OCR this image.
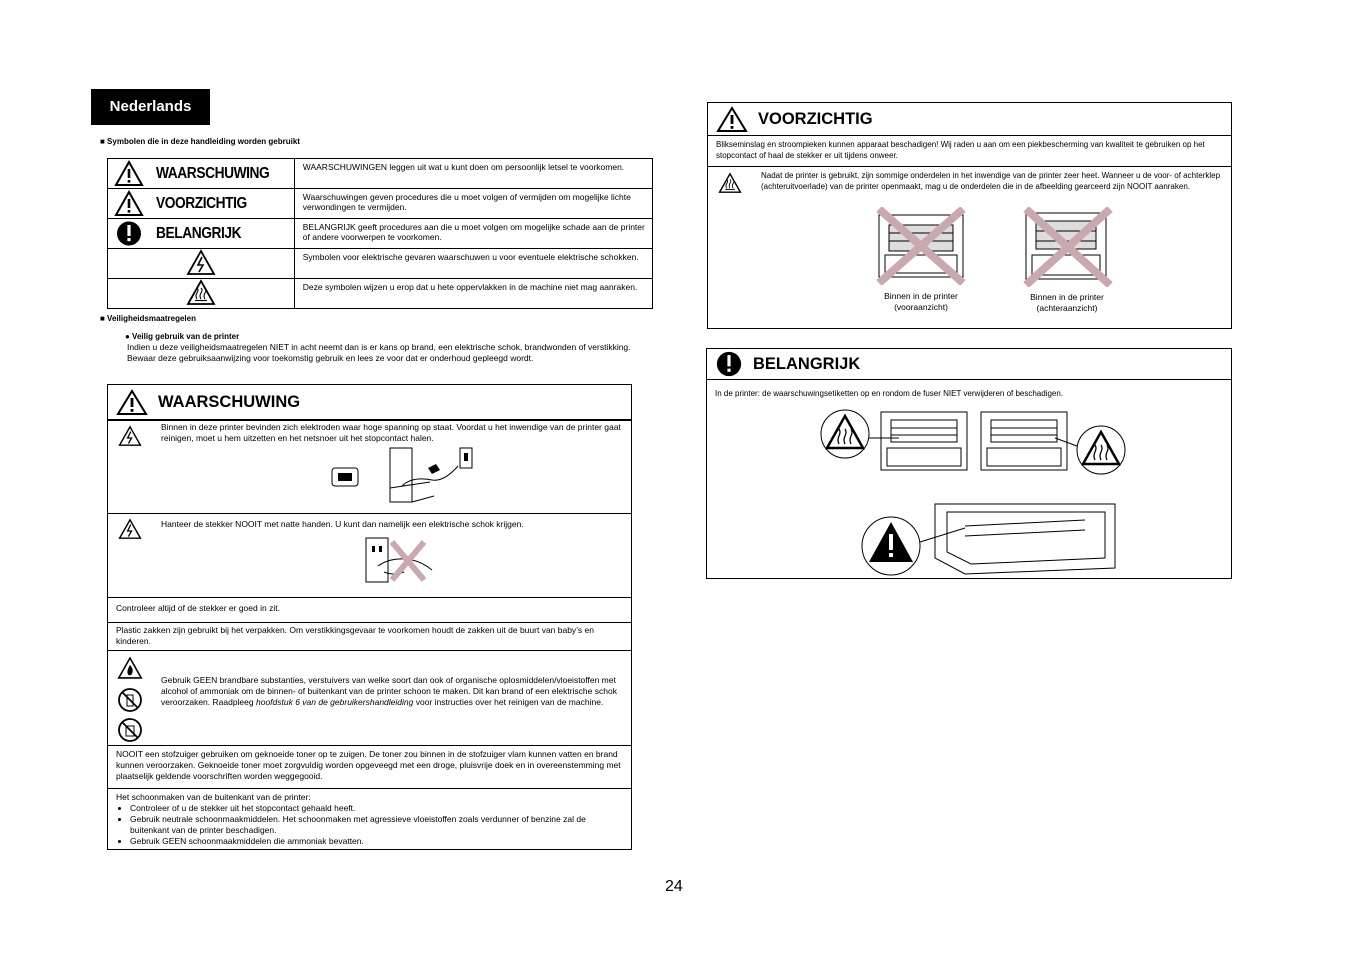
Nederlands
■ Symbolen die in deze handleiding worden gebruikt
WAARSCHUWING	WAARSCHUWINGEN leggen uit wat u kunt doen om persoonlijk letsel te voorkomen.

VOORZICHTIG	Waarschuwingen geven procedures die u moet volgen of vermijden om mogelijke lichte verwondingen te vermijden.

BELANGRIJK	BELANGRIJK geeft procedures aan die u moet volgen om mogelijke schade aan de printer of andere voorwerpen te voorkomen.
	Symbolen voor elektrische gevaren waarschuwen u voor eventuele elektrische schokken.
	Deze symbolen wijzen u erop dat u hete oppervlakken in de machine niet mag aanraken.
■ Veiligheidsmaatregelen
● Veilig gebruik van de printer
Indien u deze veiligheidsmaatregelen NIET in acht neemt dan is er kans op brand, een elektrische schok, brandwonden of verstikking. Bewaar deze gebruiksaanwijzing voor toekomstig gebruik en lees ze voor dat er onderhoud gepleegd wordt.
WAARSCHUWING
Binnen in deze printer bevinden zich elektroden waar hoge spanning op staat. Voordat u het inwendige van de printer gaat reinigen, moet u hem uitzetten en het netsnoer uit het stopcontact halen.
Hanteer de stekker NOOIT met natte handen. U kunt dan namelijk een elektrische schok krijgen.
Controleer altijd of de stekker er goed in zit.
Plastic zakken zijn gebruikt bij het verpakken. Om verstikkingsgevaar te voorkomen houdt de zakken uit de buurt van baby’s en kinderen.
Gebruik GEEN brandbare substanties, verstuivers van welke soort dan ook of organische oplosmiddelen/vloeistoffen met alcohol of ammoniak om de binnen- of buitenkant van de printer schoon te maken. Dit kan brand of een elektrische schok veroorzaken. Raadpleeg hoofdstuk 6 van de gebruikershandleiding voor instructies over het reinigen van de machine.
NOOIT een stofzuiger gebruiken om geknoeide toner op te zuigen. De toner zou binnen in de stofzuiger vlam kunnen vatten en brand kunnen veroorzaken. Geknoeide toner moet zorgvuldig worden opgeveegd met een droge, pluisvrije doek en in overeenstemming met plaatselijk geldende voorschriften worden weggegooid.
Het schoonmaken van de buitenkant van de printer:
• Controleer of u de stekker uit het stopcontact gehaald heeft.
• Gebruik neutrale schoonmaakmiddelen. Het schoonmaken met agressieve vloeistoffen zoals verdunner of benzine zal de buitenkant van de printer beschadigen.
• Gebruik GEEN schoonmaakmiddelen die ammoniak bevatten.
VOORZICHTIG
Blikseminslag en stroompieken kunnen apparaat beschadigen! Wij raden u aan om een piekbescherming van kwaliteit te gebruiken op het stopcontact of haal de stekker er uit tijdens onweer.
Nadat de printer is gebruikt, zijn sommige onderdelen in het inwendige van de printer zeer heet. Wanneer u de voor- of achterklep (achteruitvoerlade) van de printer openmaakt, mag u de onderdelen die in de afbeelding gearceerd zijn NOOIT aanraken.
Binnen in de printer
(vooraanzicht)
Binnen in de printer
(achteraanzicht)
BELANGRIJK
In de printer: de waarschuwingsetiketten op en rondom de fuser NIET verwijderen of beschadigen.
24
